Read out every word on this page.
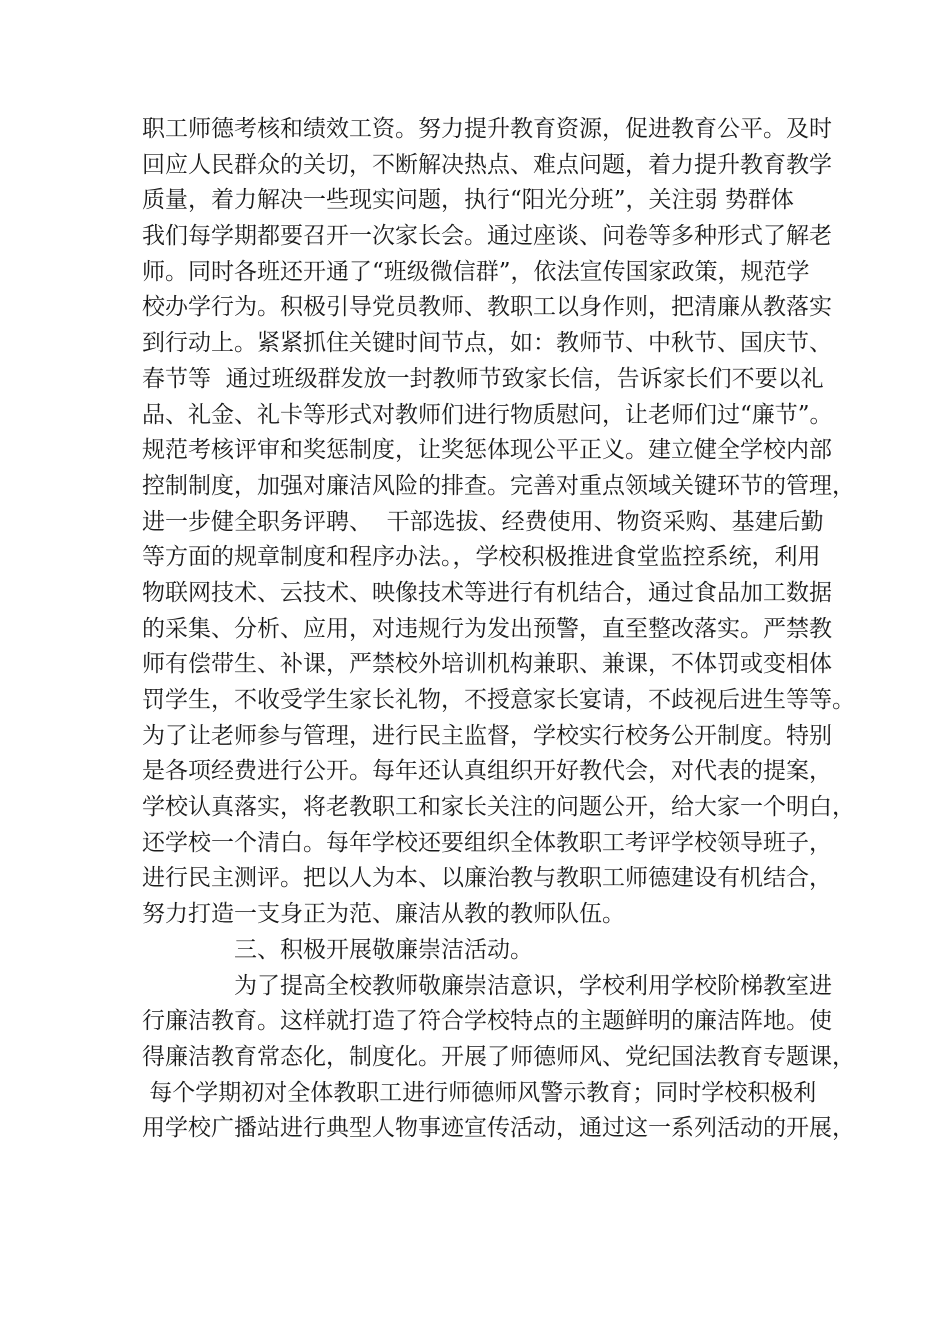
职工师德考核和绩效工资。努力提升教育资源，促进教育公平。及时
回应人民群众的关切，不断解决热点、难点问题，着力提升教育教学
质量，着力解决一些现实问题，执行“阳光分班”，关注弱 势群体
我们每学期都要召开一次家长会。通过座谈、问卷等多种形式了解老
师。同时各班还开通了“班级微信群”，依法宣传国家政策，规范学
校办学行为。积极引导党员教师、教职工以身作则，把清廉从教落实
到行动上。紧紧抓住关键时间节点，如：教师节、中秋节、国庆节、
春节等  通过班级群发放一封教师节致家长信，告诉家长们不要以礼
品、礼金、礼卡等形式对教师们进行物质慰问，让老师们过“廉节”。
规范考核评审和奖惩制度，让奖惩体现公平正义。建立健全学校内部
控制制度，加强对廉洁风险的排查。完善对重点领域关键环节的管理，
进一步健全职务评聘、  干部选拔、经费使用、物资采购、基建后勤
等方面的规章制度和程序办法。，学校积极推进食堂监控系统，利用
物联网技术、云技术、映像技术等进行有机结合，通过食品加工数据
的采集、分析、应用，对违规行为发出预警，直至整改落实。严禁教
师有偿带生、补课，严禁校外培训机构兼职、兼课，不体罚或变相体
罚学生，不收受学生家长礼物，不授意家长宴请，不歧视后进生等等。
为了让老师参与管理，进行民主监督，学校实行校务公开制度。特别
是各项经费进行公开。每年还认真组织开好教代会，对代表的提案，
学校认真落实，将老教职工和家长关注的问题公开，给大家一个明白，
还学校一个清白。每年学校还要组织全体教职工考评学校领导班子，
进行民主测评。把以人为本、以廉治教与教职工师德建设有机结合，
努力打造一支身正为范、廉洁从教的教师队伍。
三、积极开展敬廉崇洁活动。
为了提高全校教师敬廉崇洁意识，学校利用学校阶梯教室进
行廉洁教育。这样就打造了符合学校特点的主题鲜明的廉洁阵地。使
得廉洁教育常态化，制度化。开展了师德师风、党纪国法教育专题课，
每个学期初对全体教职工进行师德师风警示教育；同时学校积极利
用学校广播站进行典型人物事迹宣传活动，通过这一系列活动的开展，
